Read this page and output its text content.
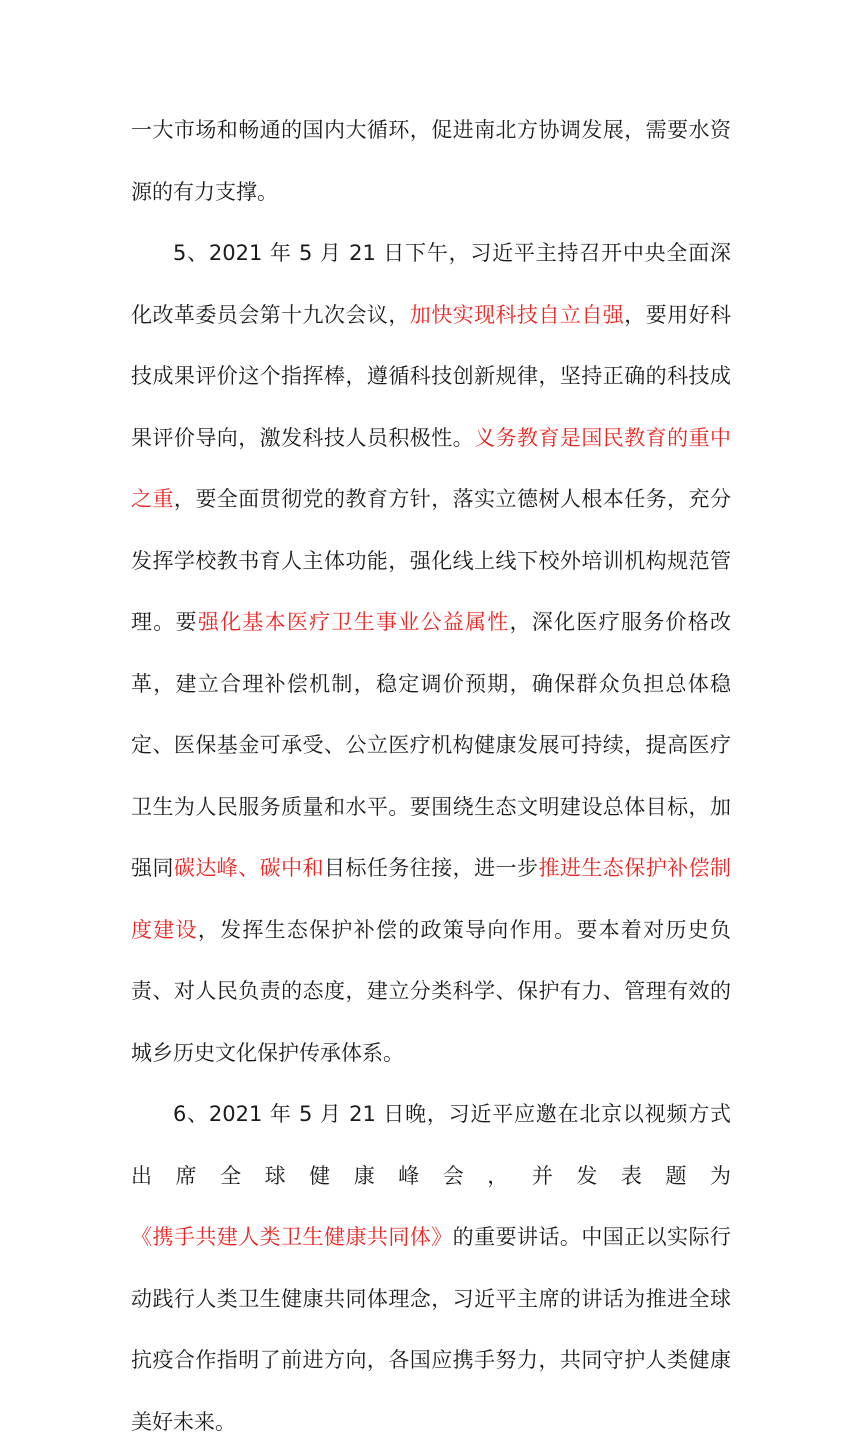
一大市场和畅通的国内大循环，促进南北方协调发展，需要水资源的有力支撑。

5、2021 年 5 月 21 日下午，习近平主持召开中央全面深化改革委员会第十九次会议，加快实现科技自立自强，要用好科技成果评价这个指挥棒，遵循科技创新规律，坚持正确的科技成果评价导向，激发科技人员积极性。义务教育是国民教育的重中之重，要全面贯彻党的教育方针，落实立德树人根本任务，充分发挥学校教书育人主体功能，强化线上线下校外培训机构规范管理。要强化基本医疗卫生事业公益属性，深化医疗服务价格改革，建立合理补偿机制，稳定调价预期，确保群众负担总体稳定、医保基金可承受、公立医疗机构健康发展可持续，提高医疗卫生为人民服务质量和水平。要围绕生态文明建设总体目标，加强同碳达峰、碳中和目标任务往接，进一步推进生态保护补偿制度建设，发挥生态保护补偿的政策导向作用。要本着对历史负责、对人民负责的态度，建立分类科学、保护有力、管理有效的城乡历史文化保护传承体系。

6、2021 年 5 月 21 日晚，习近平应邀在北京以视频方式出席全球健康峰会，并发表题为《携手共建人类卫生健康共同体》的重要讲话。中国正以实际行动践行人类卫生健康共同体理念，习近平主席的讲话为推进全球抗疫合作指明了前进方向，各国应携手努力，共同守护人类健康美好未来。
